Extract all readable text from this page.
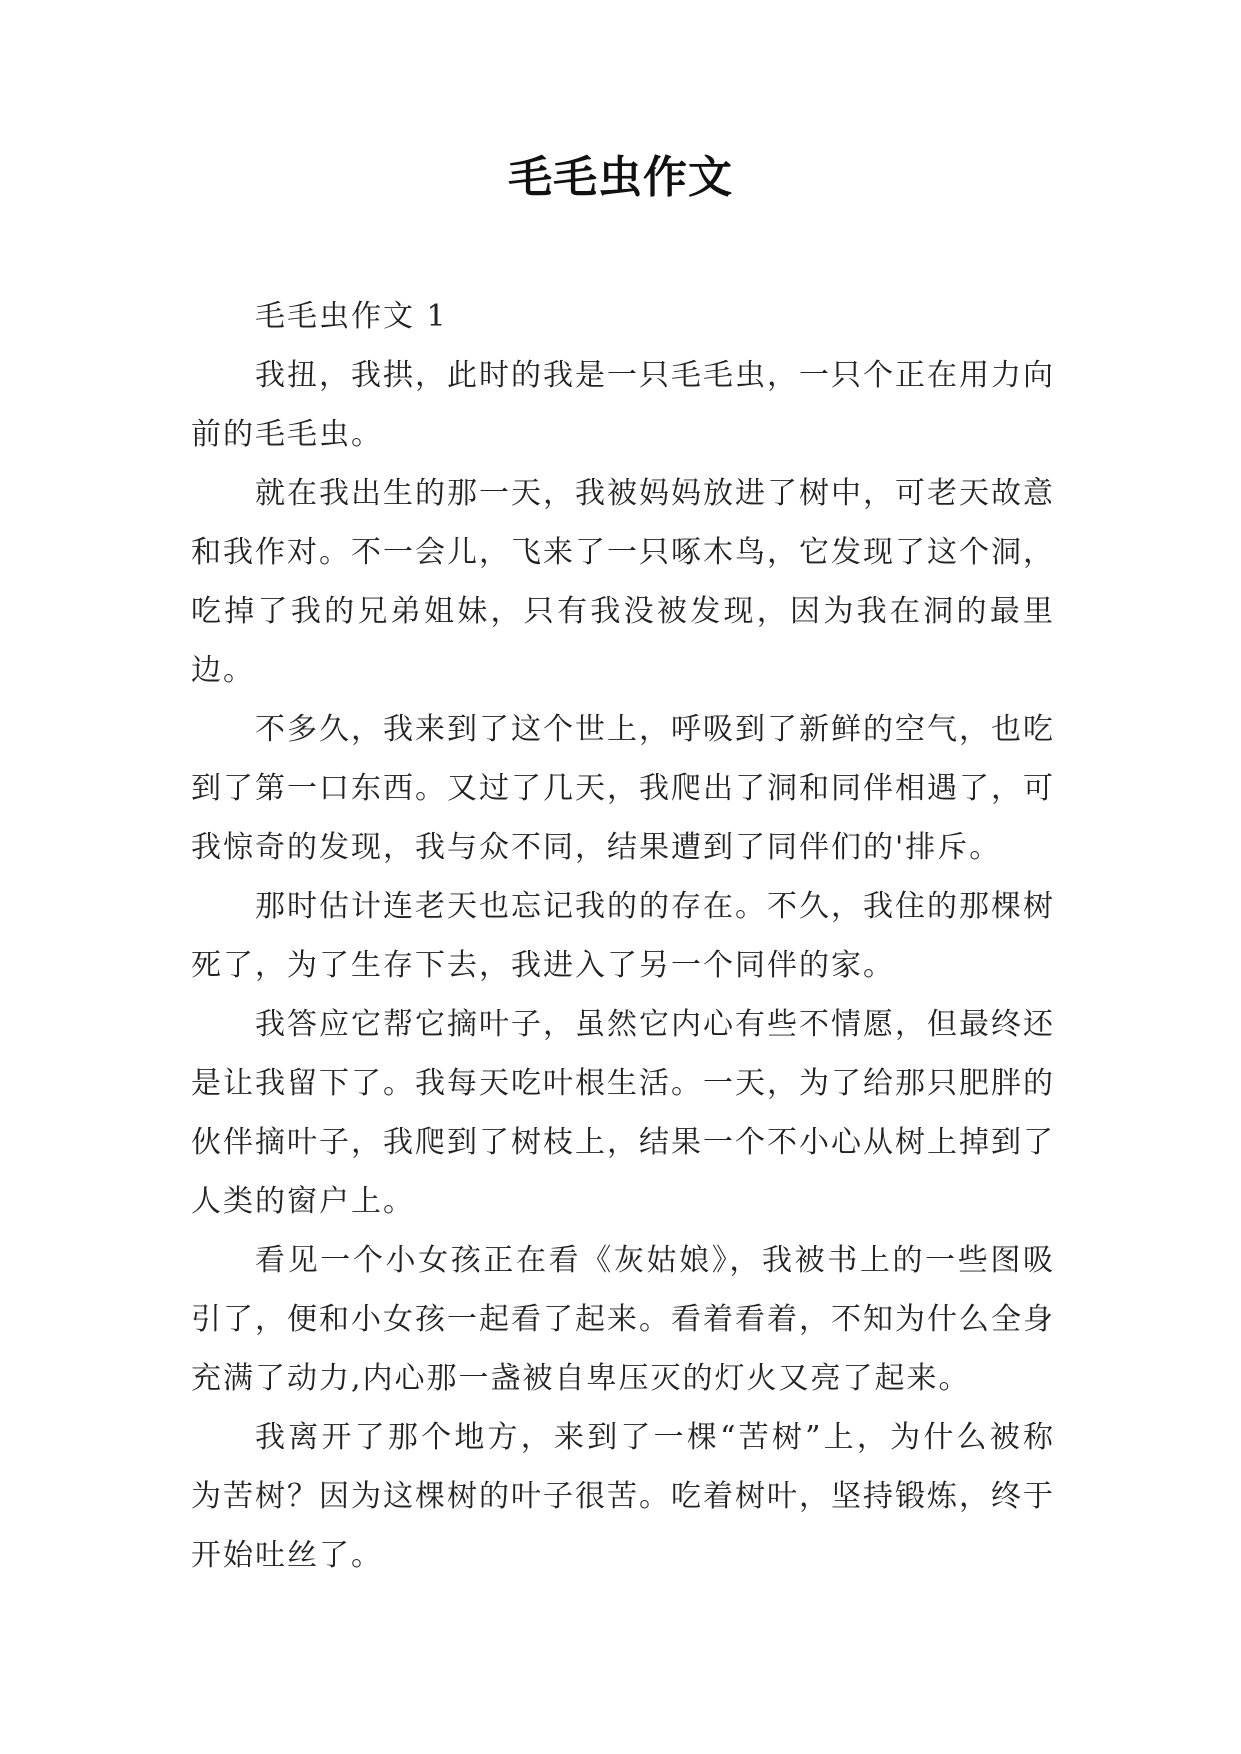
毛毛虫作文

毛毛虫作文 1

我扭，我拱，此时的我是一只毛毛虫，一只个正在用力向前的毛毛虫。

就在我出生的那一天，我被妈妈放进了树中，可老天故意和我作对。不一会儿，飞来了一只啄木鸟，它发现了这个洞，吃掉了我的兄弟姐妹，只有我没被发现，因为我在洞的最里边。

不多久，我来到了这个世上，呼吸到了新鲜的空气，也吃到了第一口东西。又过了几天，我爬出了洞和同伴相遇了，可我惊奇的发现，我与众不同，结果遭到了同伴们的'排斥。

那时估计连老天也忘记我的的存在。不久，我住的那棵树死了，为了生存下去，我进入了另一个同伴的家。

我答应它帮它摘叶子，虽然它内心有些不情愿，但最终还是让我留下了。我每天吃叶根生活。一天，为了给那只肥胖的伙伴摘叶子，我爬到了树枝上，结果一个不小心从树上掉到了人类的窗户上。

看见一个小女孩正在看《灰姑娘》，我被书上的一些图吸引了，便和小女孩一起看了起来。看着看着，不知为什么全身充满了动力,内心那一盏被自卑压灭的灯火又亮了起来。

我离开了那个地方，来到了一棵“苦树”上，为什么被称为苦树？因为这棵树的叶子很苦。吃着树叶，坚持锻炼，终于开始吐丝了。
